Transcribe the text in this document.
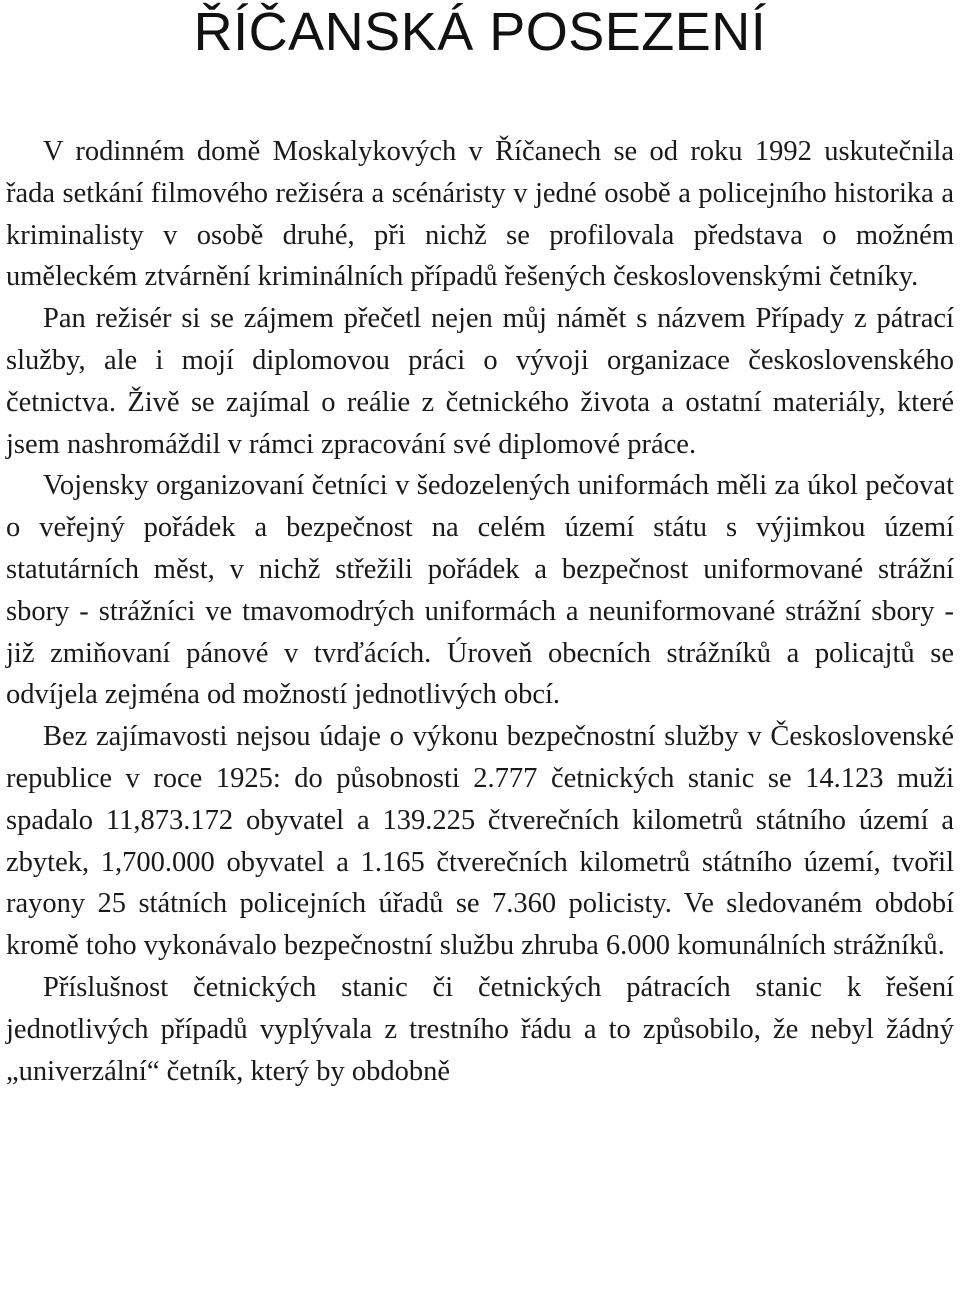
ŘÍČANSKÁ POSEZENÍ

V rodinném domě Moskalykových v Říčanech se od roku 1992 uskutečnila řada setkání filmového režiséra a scénáristy v jedné osobě a policejního historika a kriminalisty v osobě druhé, při nichž se profilovala představa o možném uměleckém ztvárnění kriminálních případů řešených československými četníky.

Pan režisér si se zájmem přečetl nejen můj námět s názvem Případy z pátrací služby, ale i mojí diplomovou práci o vývoji organizace československého četnictva. Živě se zajímal o reálie z četnického života a ostatní materiály, které jsem nashromáždil v rámci zpracování své diplomové práce.

Vojensky organizovaní četníci v šedozelených uniformách měli za úkol pečovat o veřejný pořádek a bezpečnost na celém území státu s výjimkou území statutárních měst, v nichž střežili pořádek a bezpečnost uniformované strážní sbory - strážníci ve tmavomodrých uniformách a neuniformované strážní sbory - již zmiňovaní pánové v tvrďácích. Úroveň obecních strážníků a policajtů se odvíjela zejména od možností jednotlivých obcí.

Bez zajímavosti nejsou údaje o výkonu bezpečnostní služby v Československé republice v roce 1925: do působnosti 2.777 četnických stanic se 14.123 muži spadalo 11,873.172 obyvatel a 139.225 čtverečních kilometrů státního území a zbytek, 1,700.000 obyvatel a 1.165 čtverečních kilometrů státního území, tvořil rayony 25 státních policejních úřadů se 7.360 policisty. Ve sledovaném období kromě toho vykonávalo bezpečnostní službu zhruba 6.000 komunálních strážníků.

Příslušnost četnických stanic či četnických pátracích stanic k řešení jednotlivých případů vyplývala z trestního řádu a to způsobilo, že nebyl žádný „univerzální“ četník, který by obdobně
